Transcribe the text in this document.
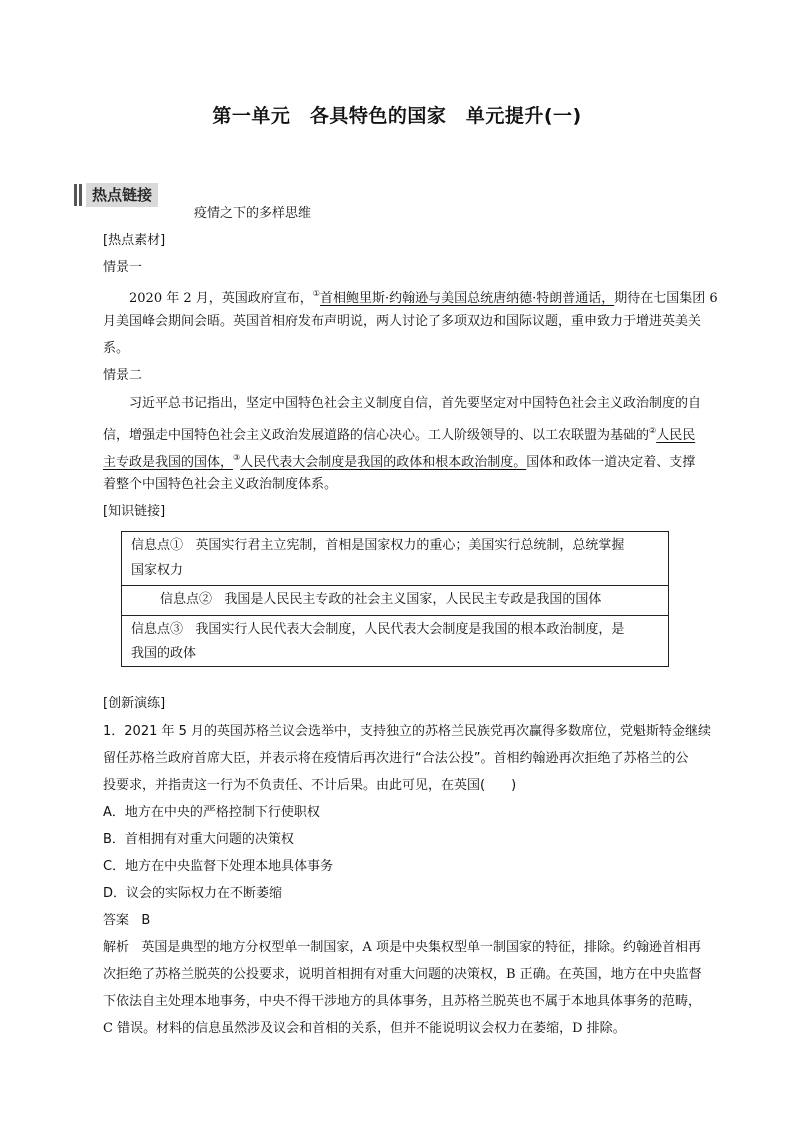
第一单元　各具特色的国家　单元提升(一)
热点链接
疫情之下的多样思维
[热点素材]
情景一
2020 年 2 月，英国政府宣布，①首相鲍里斯·约翰逊与美国总统唐纳德·特朗普通话，期待在七国集团 6
月美国峰会期间会晤。英国首相府发布声明说，两人讨论了多项双边和国际议题，重申致力于增进英美关
系。
情景二
习近平总书记指出，坚定中国特色社会主义制度自信，首先要坚定对中国特色社会主义政治制度的自
信，增强走中国特色社会主义政治发展道路的信心决心。工人阶级领导的、以工农联盟为基础的②人民民
主专政是我国的国体，③人民代表大会制度是我国的政体和根本政治制度。国体和政体一道决定着、支撑
着整个中国特色社会主义政治制度体系。
[知识链接]
信息点① 英国实行君主立宪制，首相是国家权力的重心；美国实行总统制，总统掌握
国家权力
信息点② 我国是人民民主专政的社会主义国家，人民民主专政是我国的国体
信息点③ 我国实行人民代表大会制度，人民代表大会制度是我国的根本政治制度，是
我国的政体
[创新演练]
1．2021 年 5 月的英国苏格兰议会选举中，支持独立的苏格兰民族党再次赢得多数席位，党魁斯特金继续
留任苏格兰政府首席大臣，并表示将在疫情后再次进行“合法公投”。首相约翰逊再次拒绝了苏格兰的公
投要求，并指责这一行为不负责任、不计后果。由此可见，在英国(　　)
A．地方在中央的严格控制下行使职权
B．首相拥有对重大问题的决策权
C．地方在中央监督下处理本地具体事务
D．议会的实际权力在不断萎缩
答案 B
解析 英国是典型的地方分权型单一制国家，A 项是中央集权型单一制国家的特征，排除。约翰逊首相再
次拒绝了苏格兰脱英的公投要求，说明首相拥有对重大问题的决策权，B 正确。在英国，地方在中央监督
下依法自主处理本地事务，中央不得干涉地方的具体事务，且苏格兰脱英也不属于本地具体事务的范畴，
C 错误。材料的信息虽然涉及议会和首相的关系，但并不能说明议会权力在萎缩，D 排除。
